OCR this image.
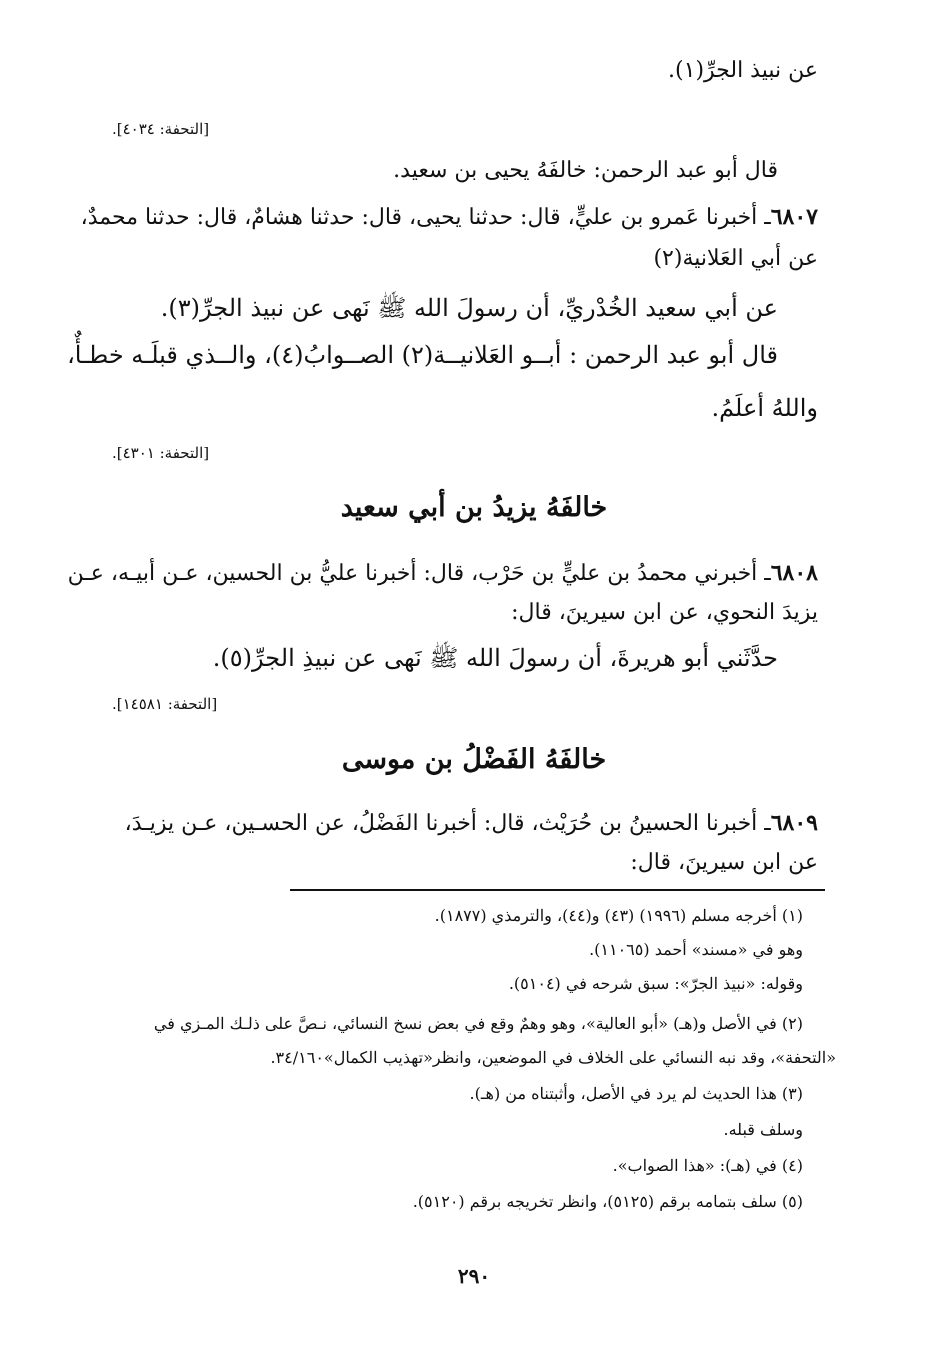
عن نبيذ الجرِّ(١).
[التحفة: ٤٠٣٤].
قال أبو عبد الرحمن: خالفَهُ يحيى بن سعيد.
٦٨٠٧ـ أخبرنا عَمرو بن عليٍّ، قال: حدثنا يحيى، قال: حدثنا هشامٌ، قال: حدثنا محمدٌ،
عن أبي العَلانية(٢)
عن أبي سعيد الخُدْريِّ، أن رسولَ الله ﷺ نَهى عن نبيذ الجرِّ(٣).
قال أبو عبد الرحمن : أبــو العَلانيــة(٢) الصــوابُ(٤)، والــذي قبلَـه خطـأٌ،
واللهُ أعلَمُ.
[التحفة: ٤٣٠١].
خالفَهُ يزيدُ بن أبي سعيد
٦٨٠٨ـ أخبرني محمدُ بن عليٍّ بن حَرْب، قال: أخبرنا عليُّ بن الحسين، عـن أبيـه، عـن
يزيدَ النحوي، عن ابن سيرينَ، قال:
حدَّثَني أبو هريرةَ، أن رسولَ الله ﷺ نَهى عن نبيذِ الجرِّ(٥).
[التحفة: ١٤٥٨١].
خالفَهُ الفَضْلُ بن موسى
٦٨٠٩ـ أخبرنا الحسينُ بن حُرَيْث، قال: أخبرنا الفَضْلُ، عن الحسـين، عـن يزيـدَ،
عن ابن سيرينَ، قال:
(١) أخرجه مسلم (١٩٩٦) (٤٣) و(٤٤)، والترمذي (١٨٧٧).
وهو في «مسند» أحمد (١١٠٦٥).
وقوله: «نبيذ الجرّ»: سبق شرحه في (٥١٠٤).
(٢) في الأصل و(هـ) «أبو العالية»، وهو وهمٌ وقع في بعض نسخ النسائي، نـصَّ على ذلـك المـزي في
«التحفة»، وقد نبه النسائي على الخلاف في الموضعين، وانظر«تهذيب الكمال»٣٤/١٦٠.
(٣) هذا الحديث لم يرد في الأصل، وأثبتناه من (هـ).
وسلف قبله.
(٤) في (هـ): «هذا الصواب».
(٥) سلف بتمامه برقم (٥١٢٥)، وانظر تخريجه برقم (٥١٢٠).
٢٩٠
